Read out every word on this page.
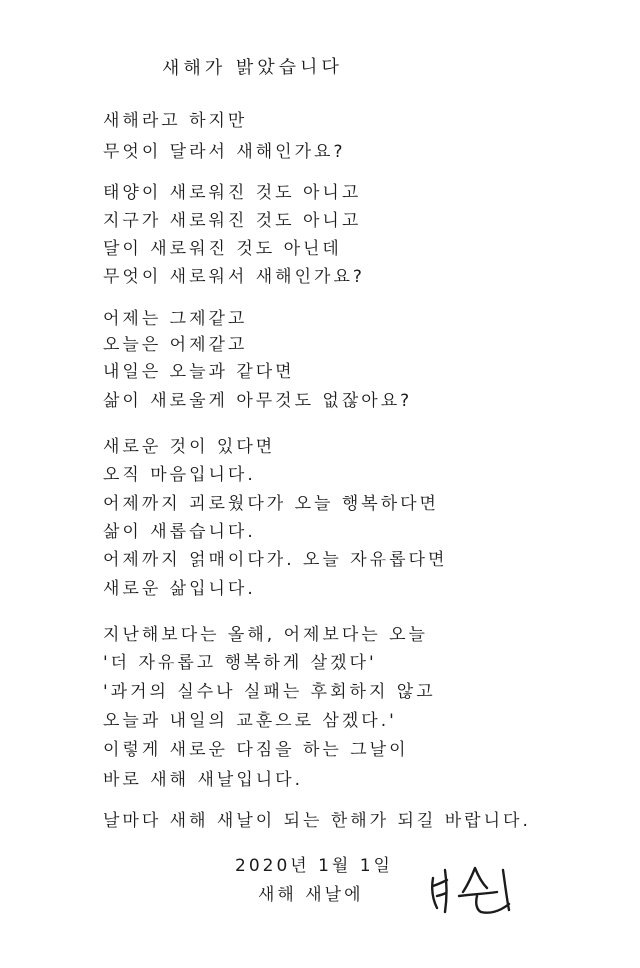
새해가 밝았습니다
새해라고 하지만
무엇이 달라서 새해인가요?
태양이 새로워진 것도 아니고
지구가 새로워진 것도 아니고
달이 새로워진 것도 아닌데
무엇이 새로워서 새해인가요?
어제는 그제같고
오늘은 어제같고
내일은 오늘과 같다면
삶이 새로울게 아무것도 없잖아요?
새로운 것이 있다면
오직 마음입니다.
어제까지 괴로웠다가 오늘 행복하다면
삶이 새롭습니다.
어제까지 얽매이다가. 오늘 자유롭다면
새로운 삶입니다.
지난해보다는 올해, 어제보다는 오늘
'더 자유롭고 행복하게 살겠다'
'과거의 실수나 실패는 후회하지 않고
오늘과 내일의 교훈으로 삼겠다.'
이렇게 새로운 다짐을 하는 그날이
바로 새해 새날입니다.
날마다 새해 새날이 되는 한해가 되길 바랍니다.
2020년 1월 1일
새해 새날에
